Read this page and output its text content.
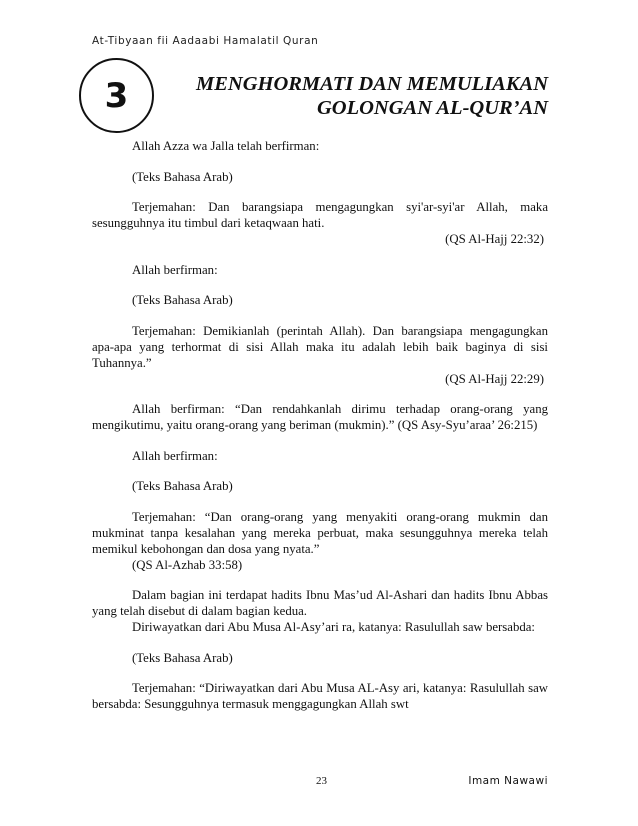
At-Tibyaan fii Aadaabi Hamalatil Quran
3	MENGHORMATI DAN MEMULIAKAN
GOLONGAN AL-QUR’AN

Allah Azza wa Jalla telah berfirman:

(Teks Bahasa Arab)

Terjemahan: Dan barangsiapa mengagungkan syi'ar-syi'ar Allah, maka sesungguhnya itu timbul dari ketaqwaan hati.

(QS Al-Hajj 22:32)

Allah berfirman:

(Teks Bahasa Arab)

Terjemahan: Demikianlah (perintah Allah). Dan barangsiapa mengagungkan apa-apa yang terhormat di sisi Allah maka itu adalah lebih baik baginya di sisi Tuhannya.”

(QS Al-Hajj 22:29)

Allah berfirman: “Dan rendahkanlah dirimu terhadap orang-orang yang mengikutimu, yaitu orang-orang yang beriman (mukmin).” (QS Asy-Syu’araa’ 26:215)

Allah berfirman:

(Teks Bahasa Arab)

Terjemahan: “Dan orang-orang yang menyakiti orang-orang mukmin dan mukminat tanpa kesalahan yang mereka perbuat, maka sesungguhnya mereka telah memikul kebohongan dan dosa yang nyata.”

(QS Al-Azhab 33:58)

Dalam bagian ini terdapat hadits Ibnu Mas’ud Al-Ashari dan hadits Ibnu Abbas yang telah disebut di dalam bagian kedua.

Diriwayatkan dari Abu Musa Al-Asy’ari ra, katanya: Rasulullah saw bersabda:

(Teks Bahasa Arab)

Terjemahan: “Diriwayatkan dari Abu Musa AL-Asy ari, katanya: Rasulullah saw bersabda: Sesungguhnya termasuk menggagungkan Allah swt

23	Imam Nawawi
